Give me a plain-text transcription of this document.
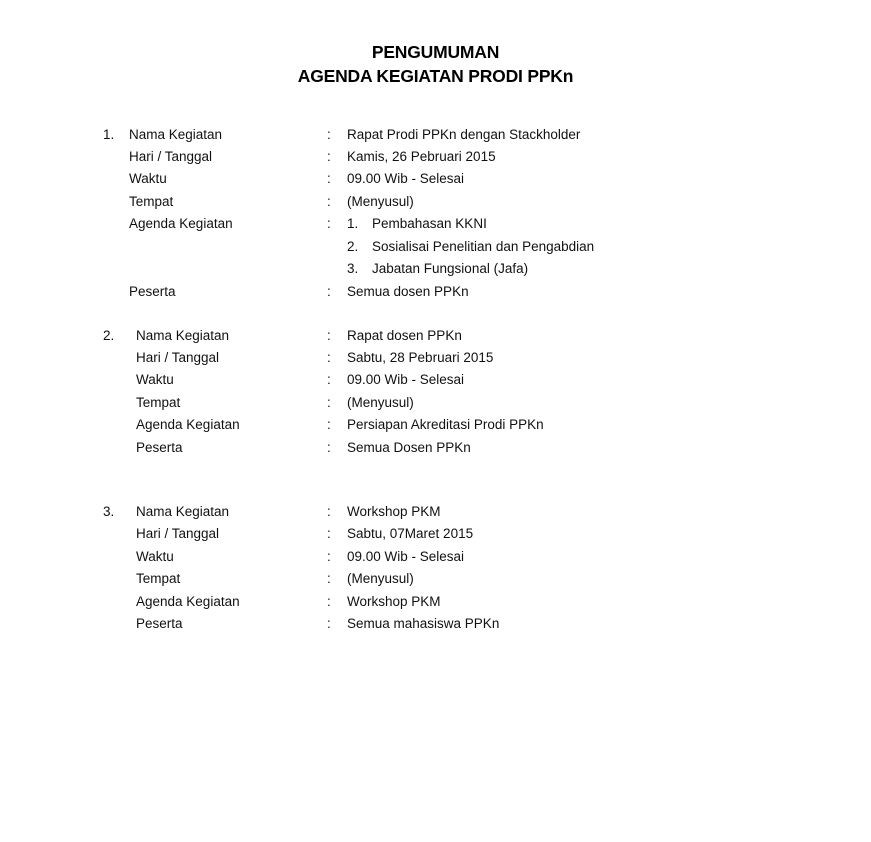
PENGUMUMAN
AGENDA KEGIATAN PRODI PPKn
1. Nama Kegiatan	: Rapat Prodi PPKn dengan Stackholder
Hari / Tanggal	: Kamis, 26 Pebruari 2015
Waktu	: 09.00 Wib - Selesai
Tempat	: (Menyusul)
Agenda Kegiatan	: 1. Pembahasan KKNI
2. Sosialisai Penelitian dan Pengabdian
3. Jabatan Fungsional (Jafa)
Peserta	: Semua dosen PPKn
2. Nama Kegiatan	: Rapat dosen PPKn
Hari / Tanggal	: Sabtu, 28 Pebruari 2015
Waktu	: 09.00 Wib - Selesai
Tempat	: (Menyusul)
Agenda Kegiatan	: Persiapan Akreditasi Prodi PPKn
Peserta	: Semua Dosen PPKn
3. Nama Kegiatan	: Workshop PKM
Hari / Tanggal	: Sabtu, 07Maret 2015
Waktu	: 09.00 Wib - Selesai
Tempat	: (Menyusul)
Agenda Kegiatan	: Workshop PKM
Peserta	: Semua mahasiswa PPKn
